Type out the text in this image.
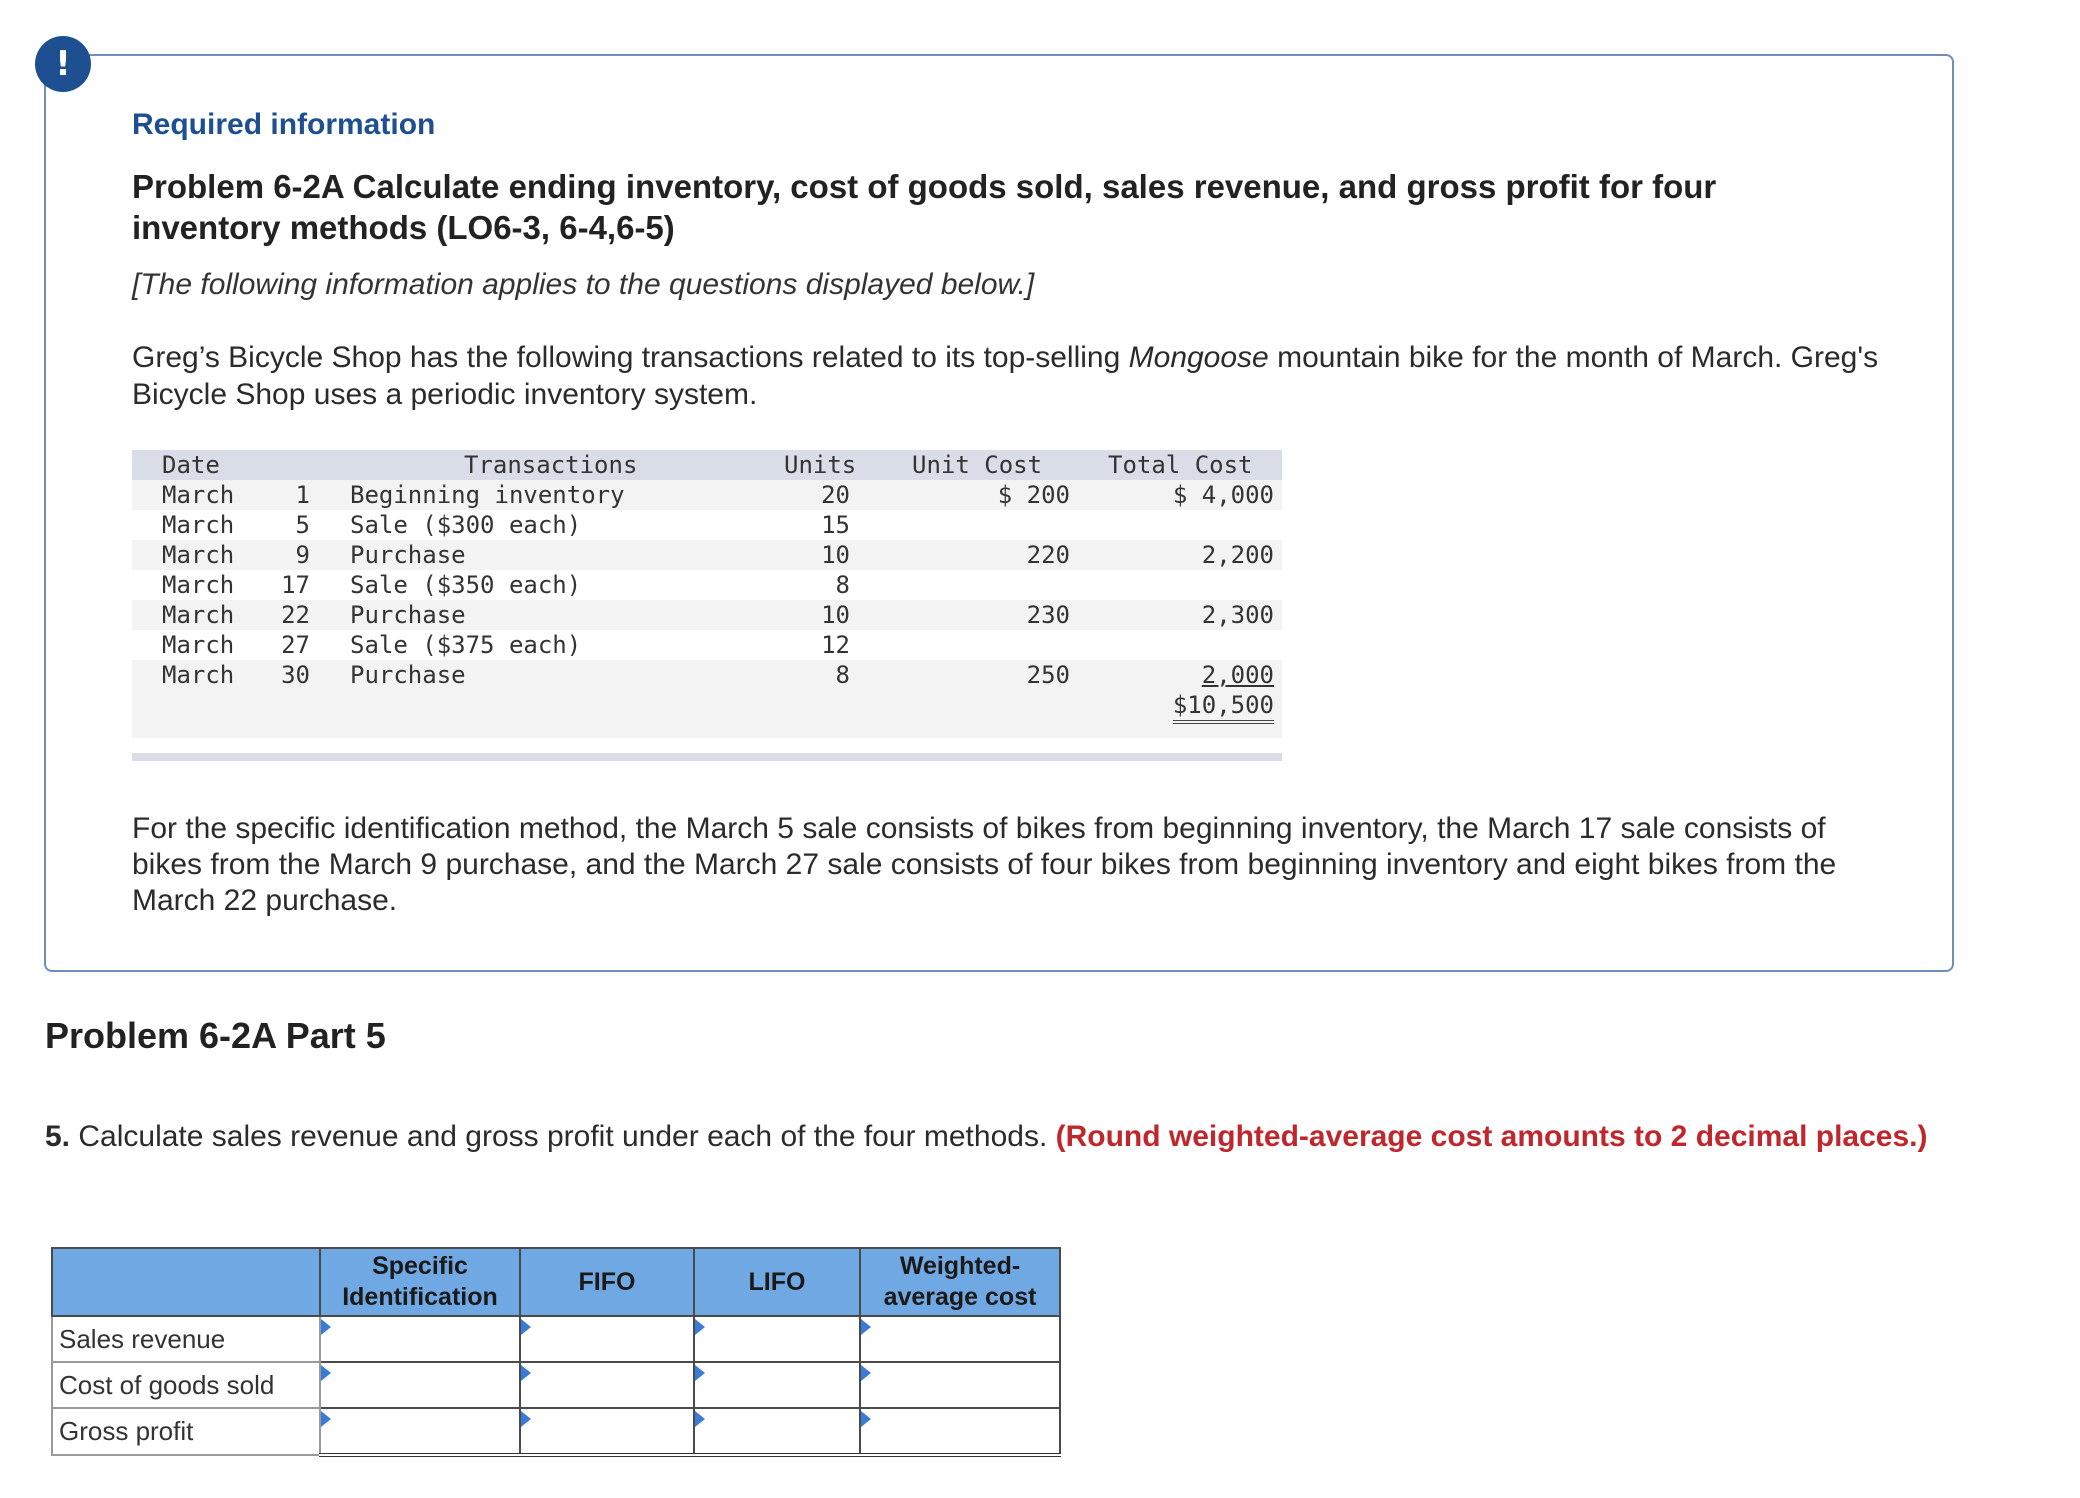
!
Required information
Problem 6-2A Calculate ending inventory, cost of goods sold, sales revenue, and gross profit for four inventory methods (LO6-3, 6-4,6-5)
[The following information applies to the questions displayed below.]
Greg’s Bicycle Shop has the following transactions related to its top-selling Mongoose mountain bike for the month of March. Greg's Bicycle Shop uses a periodic inventory system.
Date	Transactions	Units Unit Cost	Total Cost
March	1 Beginning inventory	20	$ 200	$ 4,000
March	5 Sale ($300 each)	15
March	9 Purchase	10	220	2,200
March 17 Sale ($350 each)	8
March 22 Purchase	10	230	2,300
March 27 Sale ($375 each)	12
March 30 Purchase	8	250	2,000
$10,500
For the specific identification method, the March 5 sale consists of bikes from beginning inventory, the March 17 sale consists of bikes from the March 9 purchase, and the March 27 sale consists of four bikes from beginning inventory and eight bikes from the March 22 purchase.
Problem 6-2A Part 5
5. Calculate sales revenue and gross profit under each of the four methods. (Round weighted-average cost amounts to 2 decimal places.)
	Specific Identification	FIFO	LIFO	Weighted-average cost
Sales revenue	

Cost of goods sold	

Gross profit	
